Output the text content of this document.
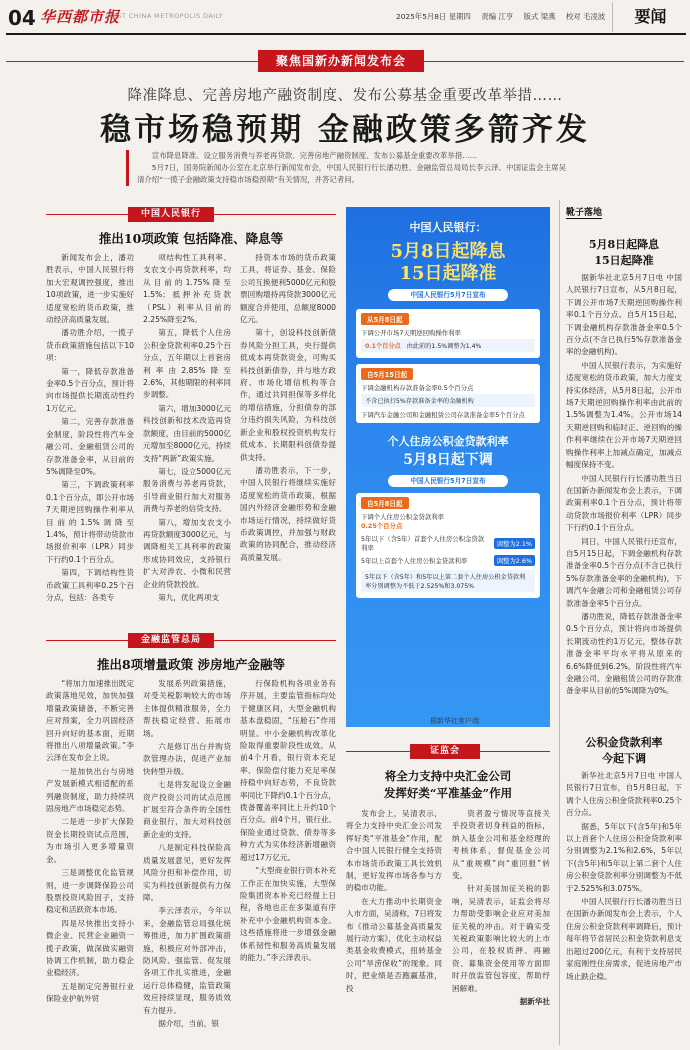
04 华西都市报
WEST CHINA METROPOLIS DAILY	2025年5月8日 星期四 责编 江亨 版式 梁燕 校对 毛凌波	要闻
聚焦国新办新闻发布会
降准降息、完善房地产融资制度、发布公募基金重要改革举措……
稳市场稳预期 金融政策多箭齐发

宣布降息降准、设立服务消费与养老再贷款、完善房地产融资制度、发布公募基金重要改革举措……

5月7日，国务院新闻办公室在北京举行新闻发布会，中国人民银行行长潘功胜、金融监管总局局长李云泽、中国证监会主席吴清介绍“一揽子金融政策支持稳市场稳预期”有关情况，并答记者问。

中国人民银行
推出10项政策 包括降准、降息等

新闻发布会上，潘功胜表示，中国人民银行将加大宏观调控强度，推出10项政策，进一步实施好适度宽松的货币政策，推动经济高质量发展。

潘功胜介绍，一揽子货币政策措施包括以下10项：

第一，降低存款准备金率0.5个百分点，预计将向市场提供长期流动性约1万亿元。

第二，完善存款准备金制度，阶段性将汽车金融公司、金融租赁公司的存款准备金率，从目前的5%调降至0%。

第三，下调政策利率0.1个百分点，即公开市场7天期逆回购操作利率从目前的1.5%调降至1.4%，预计将带动贷款市场报价利率（LPR）同步下行约0.1个百分点。

第四，下调结构性货币政策工具利率0.25个百分点，包括：各类专

项结构性工具利率、支农支小再贷款利率，均从目前的1.75%降至1.5%；抵押补充贷款（PSL）利率从目前的2.25%降至2%。

第五，降低个人住房公积金贷款利率0.25个百分点，五年期以上首套房利率由2.85%降至2.6%，其他期限的利率同步调整。

第六，增加3000亿元科技创新和技术改造再贷款额度，由目前的5000亿元增加至8000亿元，持续支持“两新”政策实施。

第七，设立5000亿元服务消费与养老再贷款，引导商业银行加大对服务消费与养老的信贷支持。

第八，增加支农支小再贷款额度3000亿元，与调降相关工具利率的政策形成协同效应，支持银行扩大对涉农、小微和民营企业的贷款投放。

第九，优化两项支

持资本市场的货币政策工具，将证券、基金、保险公司互换便利5000亿元和股票回购增持再贷款3000亿元额度合并使用，总额度8000亿元。

第十，创设科技创新债券风险分担工具，央行提供低成本再贷款资金，可购买科技创新债券，并与地方政府、市场化增信机构等合作，通过共同担保等多样化的增信措施，分担债券的部分违约损失风险，为科技创新企业和股权投资机构发行低成本、长期限科创债券提供支持。

潘功胜表示，下一步，中国人民银行将继续实施好适度宽松的货币政策，根据国内外经济金融形势和金融市场运行情况，持续做好货币政策调控，并加强与财政政策的协同配合，推动经济高质量发展。

金融监管总局
推出8项增量政策 涉房地产金融等

“将加力加速推出既定政策落地见效，加快加强增量政策储备，不断完善应对预案，全力巩固经济回升向好的基本面，近期将推出八项增量政策。”李云泽在发布会上说。

一是加快出台与房地产发展新模式相适配的系列融资制度，助力持续巩固房地产市场稳定态势。

二是进一步扩大保险资金长期投资试点范围，为市场引入更多增量资金。

三是调整优化监管规则，进一步调降保险公司股票投资风险因子，支持稳定和活跃资本市场。

四是尽快推出支持小微企业、民营企业融资一揽子政策，做深做实融资协调工作机制，助力稳企业稳经济。

五是制定完善银行业保险业护航外贸

发展系列政策措施，对受关税影响较大的市场主体提供精准服务，全力帮扶稳定经营、拓展市场。

六是修订出台并购贷款管理办法，促进产业加快转型升级。

七是将发起设立金融资产投资公司的试点范围扩展至符合条件的全国性商业银行，加大对科技创新企业的支持。

八是制定科技保险高质量发展意见，更好发挥风险分担和补偿作用，切实为科技创新提供有力保障。

李云泽表示，今年以来，金融监管总局强化统筹推进，加力扩围政策措施，积极应对外部冲击，防风险、强监管、促发展各项工作扎实推进，金融运行总体稳健，监管政策效应持续显现，服务质效有力提升。

据介绍，当前，银

行保险机构各项业务有序开展，主要监管指标均处于健康区间，大型金融机构基本盘稳固，“压舱石”作用明显。中小金融机构改革化险取得重要阶段性成效。从前4个月看，银行资本充足率、保险偿付能力充足率保持稳中向好态势，不良贷款率同比下降约0.1个百分点，拨备覆盖率同比上升约10个百分点。前4个月，银行业、保险业通过贷款、债券等多种方式为实体经济新增融资超过17万亿元。

“大型商业银行资本补充工作正在加快实施，大型保险集团资本补充已经提上日程，各地也正在多渠道有序补充中小金融机构资本金。这些措施将进一步增强金融体系韧性和服务高质量发展的能力。”李云泽表示。

中国人民银行：
5月8日起降息
15日起降准
中国人民银行5月7日宣布
从5月8日起
下调公开市场7天期逆回购操作利率
0.1个百分点 由此前的1.5%调整为1.4%
自5月15日起
下调金融机构存款准备金率0.5个百分点
不含已执行5%存款准备金率的金融机构
下调汽车金融公司和金融租赁公司存款准备金率5个百分点
个人住房公积金贷款利率
5月8日起下调
中国人民银行5月7日宣布
自5月8日起
下调个人住房公积金贷款利率
0.25个百分点
5年以下（含5年）首套个人住房公积金贷款利率
调整为2.1%
5年以上首套个人住房公积金贷款利率	调整为2.6%
5年以下（含5年）和5年以上第二套个人住房公积金贷款利率分别调整为不低于2.525%和3.075%
据新华社客户端
证监会
将全力支持中央汇金公司
发挥好类“平准基金”作用

发布会上，吴清表示，将全力支持中央汇金公司发挥好类“平准基金”作用，配合中国人民银行健全支持资本市场货币政策工具长效机制，更好发挥市场各参与方的稳市功能。

在大力推动中长期资金入市方面，吴清称，7日将发布《推动公募基金高质量发展行动方案》，优化主动权益类基金收费模式，扭转基金公司“旱涝保收”的现象。同时，把业绩是否跑赢基准，投

资者盈亏情况等直接关乎投资者切身利益的指标，纳入基金公司和基金经理的考核体系，督促基金公司从“重规模”向“重回报”转变。

针对美国加征关税的影响，吴清表示，证监会将尽力帮助受影响企业应对美加征关税的冲击。对于确实受关税政策影响比较大的上市公司，在股权质押、再融资、募集资金使用等方面即时开放监管包容度，帮助纾困解难。

据新华社

靴子落地
5月8日起降息
15日起降准

据新华社北京5月7日电 中国人民银行7日宣布，从5月8日起，下调公开市场7天期逆回购操作利率0.1个百分点。自5月15日起，下调金融机构存款准备金率0.5个百分点(不含已执行5%存款准备金率的金融机构)。

中国人民银行表示，为实施好适度宽松的货币政策，加大力度支持实体经济，从5月8日起，公开市场7天期逆回购操作利率由此前的1.5%调整为1.4%。公开市场14天期逆回购和临时正、逆回购的操作利率继续在公开市场7天期逆回购操作利率上加减点确定，加减点幅度保持不变。

中国人民银行行长潘功胜当日在国新办新闻发布会上表示，下调政策利率0.1个百分点，预计将带动贷款市场报价利率（LPR）同步下行约0.1个百分点。

同日，中国人民银行还宣布，自5月15日起，下调金融机构存款准备金率0.5个百分点(不含已执行5%存款准备金率的金融机构)，下调汽车金融公司和金融租赁公司存款准备金率5个百分点。

潘功胜说，降低存款准备金率0.5个百分点，预计将向市场提供长期流动性约1万亿元，整体存款准备金率平均水平将从原来的6.6%降低到6.2%。阶段性将汽车金融公司、金融租赁公司的存款准备金率从目前的5%调降为0%。

公积金贷款利率
今起下调

新华社北京5月7日电 中国人民银行7日宣布，自5月8日起，下调个人住房公积金贷款利率0.25个百分点。

据悉，5年以下(含5年)和5年以上首套个人住房公积金贷款利率分别调整为2.1%和2.6%，5年以下(含5年)和5年以上第二套个人住房公积金贷款利率分别调整为不低于2.525%和3.075%。

中国人民银行行长潘功胜当日在国新办新闻发布会上表示，个人住房公积金贷款利率调降后，预计每年将节省居民公积金贷款利息支出超过200亿元，有利于支持居民家庭刚性住房需求，促进房地产市场止跌企稳。
